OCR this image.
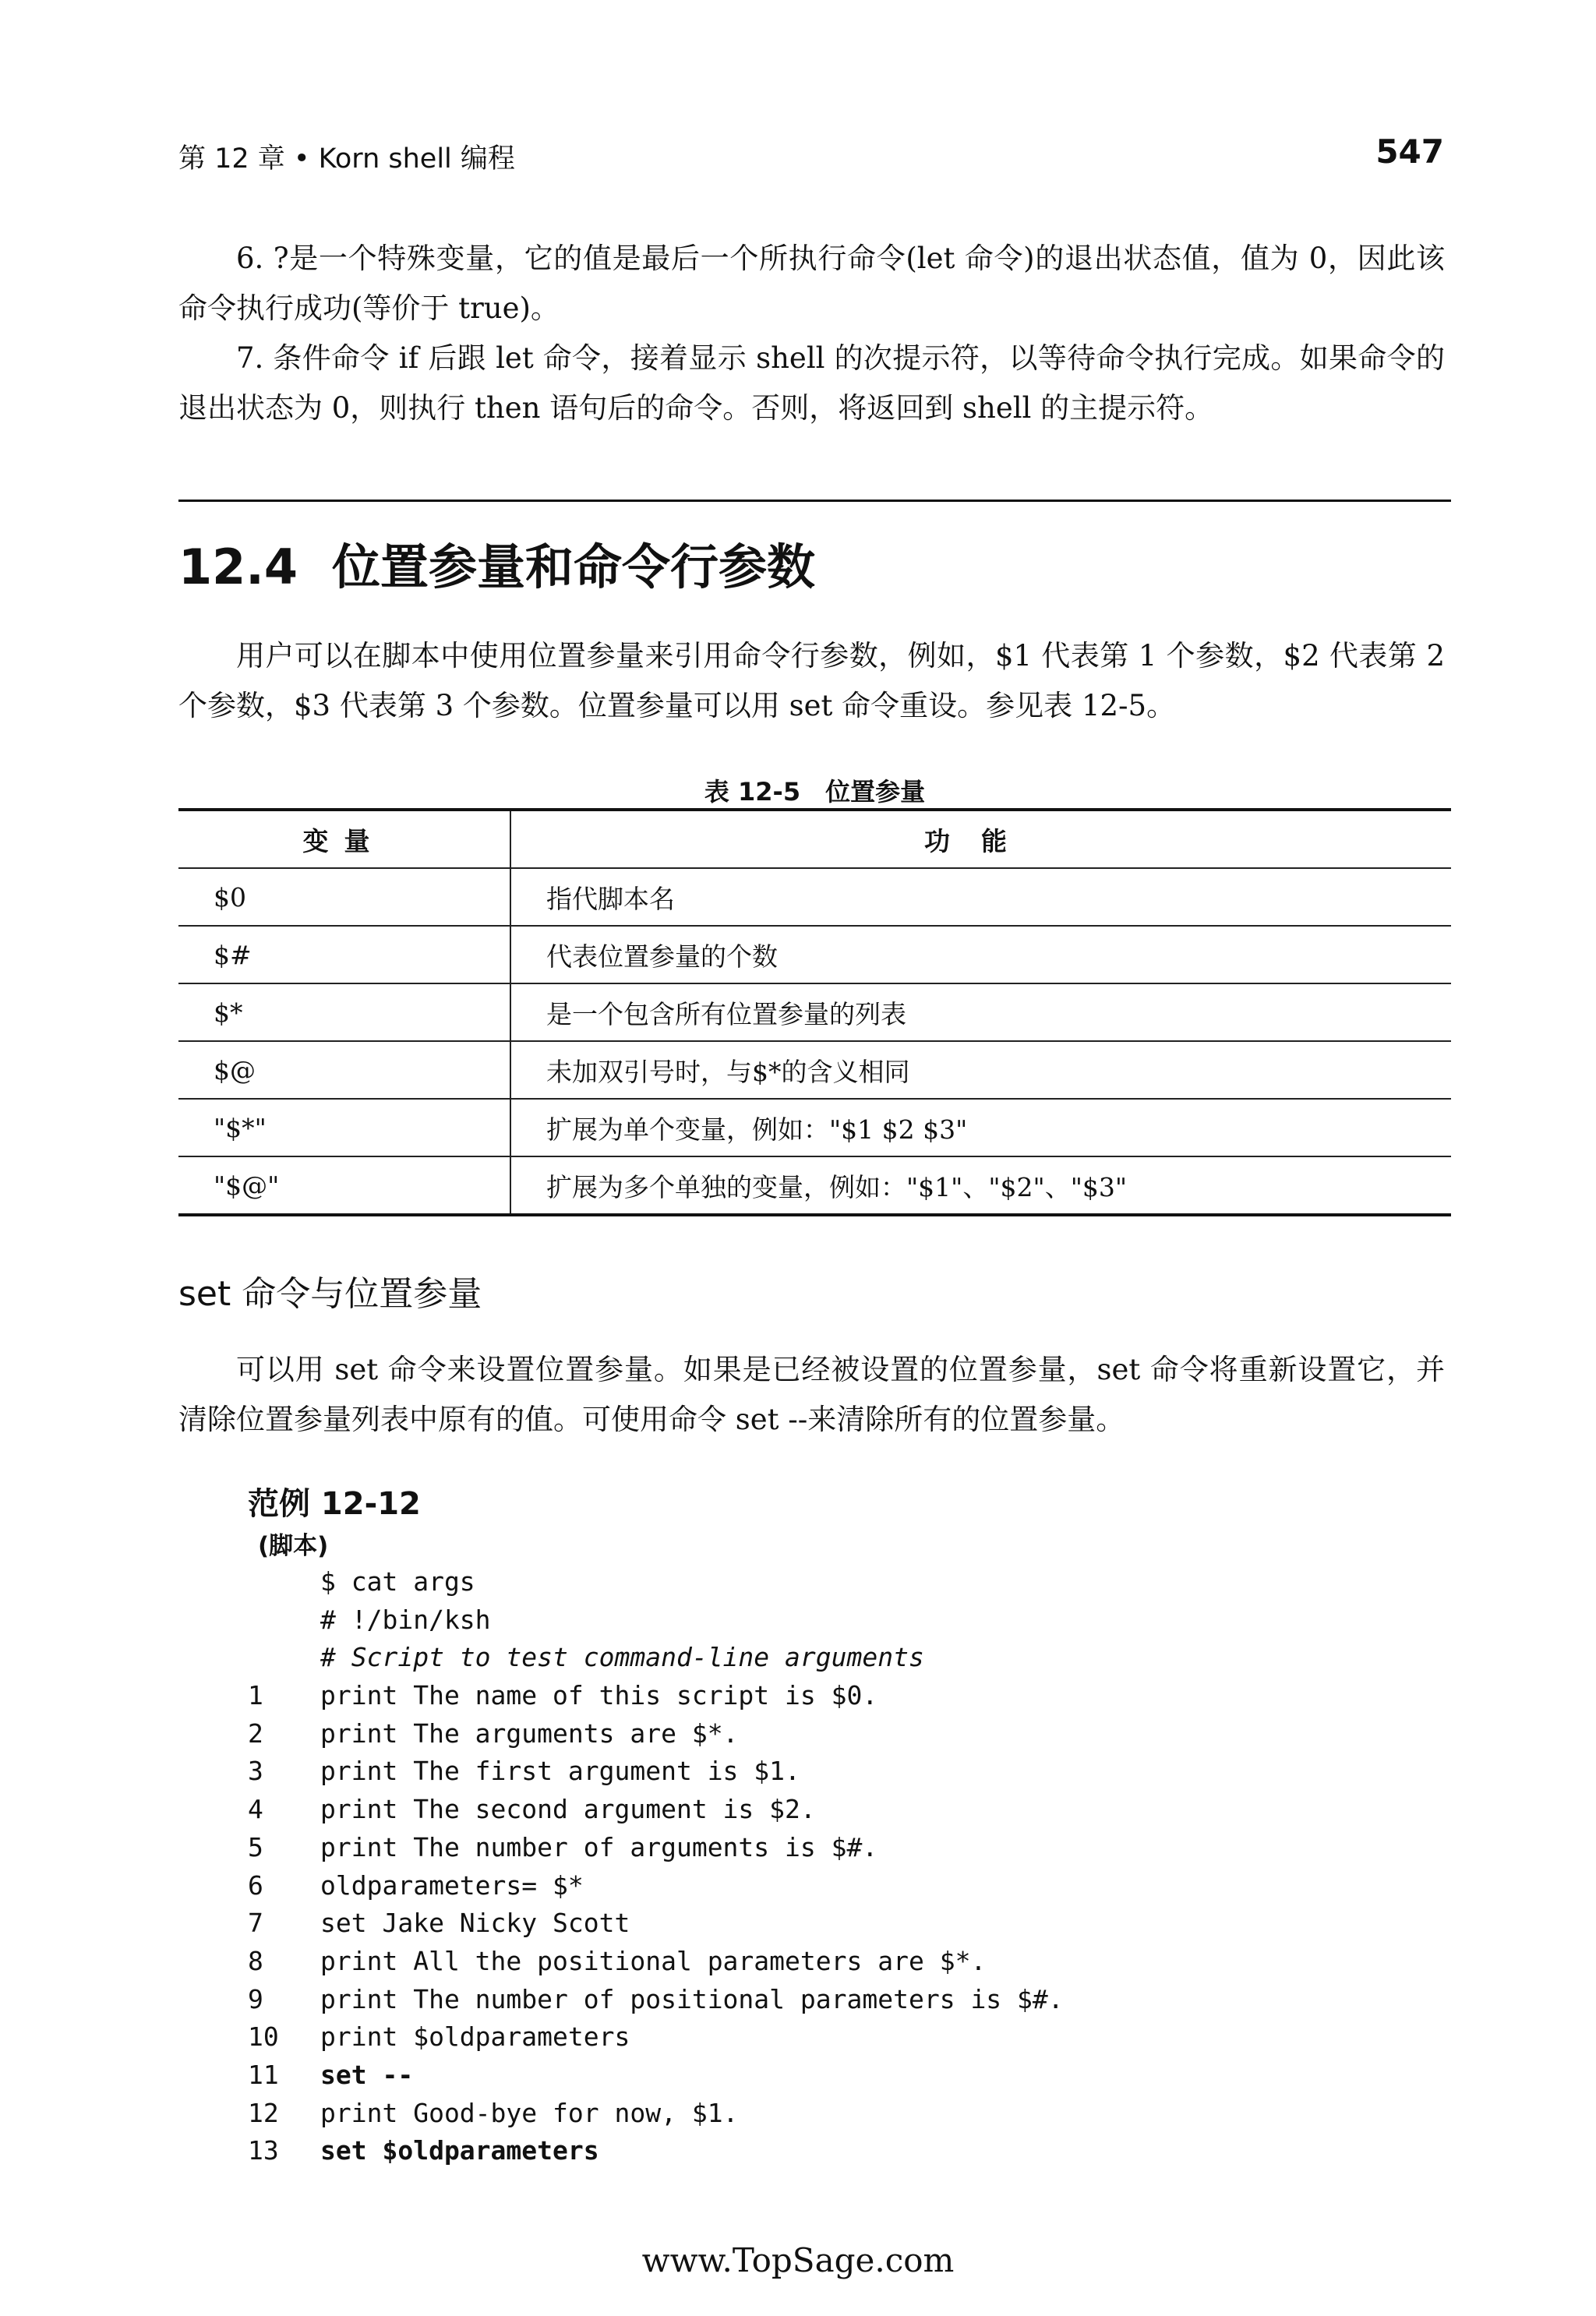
第 12 章 • Korn shell 编程	547

6. ?是一个特殊变量，它的值是最后一个所执行命令(let 命令)的退出状态值，值为 0，因此该命令执行成功(等价于 true)。

7. 条件命令 if 后跟 let 命令，接着显示 shell 的次提示符，以等待命令执行完成。如果命令的退出状态为 0，则执行 then 语句后的命令。否则，将返回到 shell 的主提示符。

12.4 位置参量和命令行参数

用户可以在脚本中使用位置参量来引用命令行参数，例如，$1 代表第 1 个参数，$2 代表第 2 个参数，$3 代表第 3 个参数。位置参量可以用 set 命令重设。参见表 12-5。

表 12-5　位置参量
变量	功能
$0	指代脚本名
$#	代表位置参量的个数
$*	是一个包含所有位置参量的列表
$@	未加双引号时，与$*的含义相同
"$*"	扩展为单个变量，例如："$1 $2 $3"
"$@"	扩展为多个单独的变量，例如："$1"、"$2"、"$3"
set 命令与位置参量

可以用 set 命令来设置位置参量。如果是已经被设置的位置参量，set 命令将重新设置它，并清除位置参量列表中原有的值。可使用命令 set --来清除所有的位置参量。

范例 12-12
(脚本)
$ cat args
# !/bin/ksh
# Script to test command-line arguments
1 print The name of this script is $0.
2 print The arguments are $*.
3 print The first argument is $1.
4 print The second argument is $2.
5 print The number of arguments is $#.
6 oldparameters= $*
7 set Jake Nicky Scott
8 print All the positional parameters are $*.
9 print The number of positional parameters is $#.
10 print $oldparameters
11 set --
12 print Good-bye for now, $1.
13 set $oldparameters
www.TopSage.com
